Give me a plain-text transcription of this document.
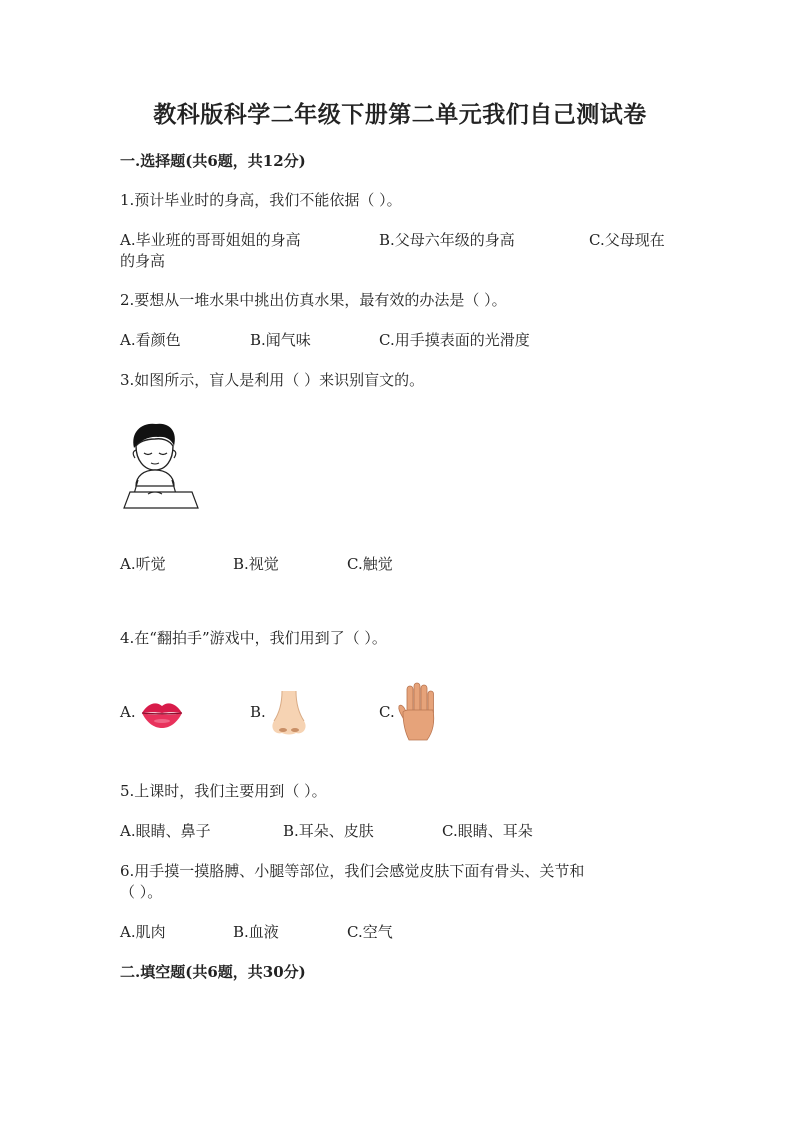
教科版科学二年级下册第二单元我们自己测试卷
一.选择题(共6题，共12分)
1.预计毕业时的身高，我们不能依据（ ）。
A.毕业班的哥哥姐姐的身高	B.父母六年级的身高	C.父母现在
的身高
2.要想从一堆水果中挑出仿真水果，最有效的办法是（ ）。
A.看颜色	B.闻气味	C.用手摸表面的光滑度
3.如图所示，盲人是利用（ ）来识别盲文的。
A.听觉	B.视觉	C.触觉
4.在“翻拍手”游戏中，我们用到了（ ）。
A.	B.	C.
5.上课时，我们主要用到（ ）。
A.眼睛、鼻子	B.耳朵、皮肤	C.眼睛、耳朵
6.用手摸一摸胳膊、小腿等部位，我们会感觉皮肤下面有骨头、关节和
（ ）。
A.肌肉	B.血液	C.空气
二.填空题(共6题，共30分)
